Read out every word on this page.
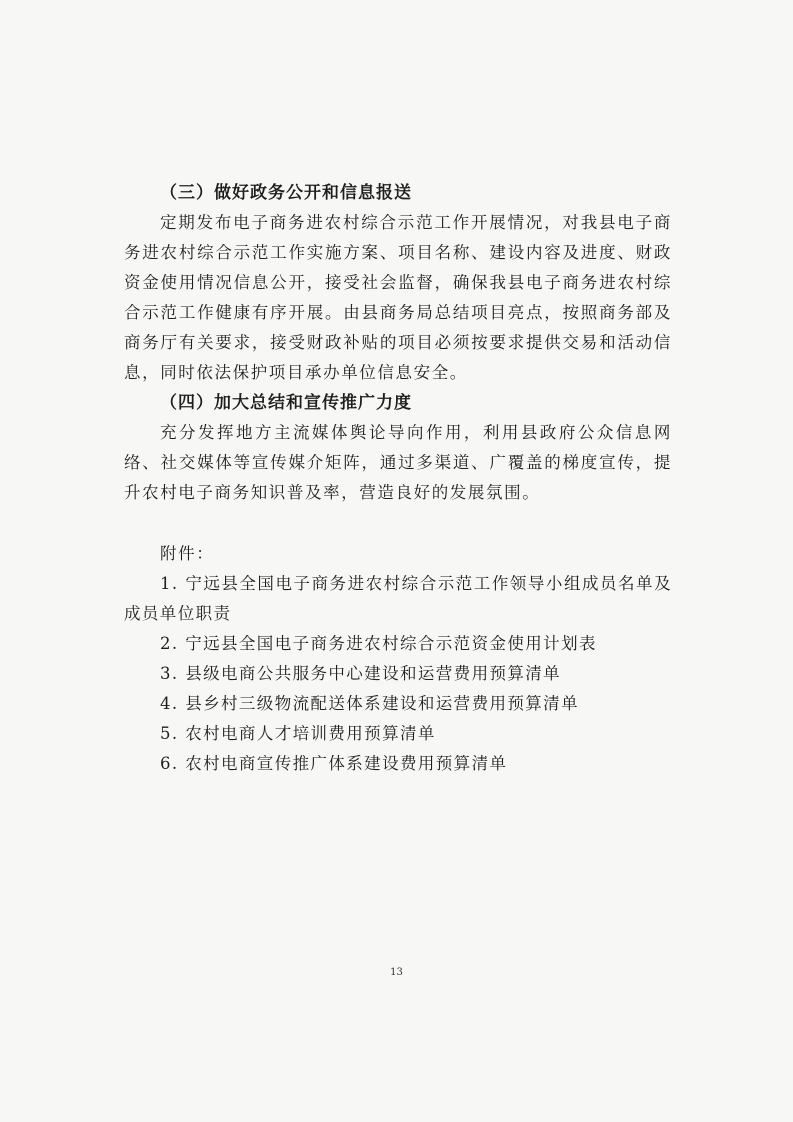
（三）做好政务公开和信息报送

定期发布电子商务进农村综合示范工作开展情况，对我县电子商务进农村综合示范工作实施方案、项目名称、建设内容及进度、财政资金使用情况信息公开，接受社会监督，确保我县电子商务进农村综合示范工作健康有序开展。由县商务局总结项目亮点，按照商务部及商务厅有关要求，接受财政补贴的项目必须按要求提供交易和活动信息，同时依法保护项目承办单位信息安全。

（四）加大总结和宣传推广力度

充分发挥地方主流媒体舆论导向作用，利用县政府公众信息网络、社交媒体等宣传媒介矩阵，通过多渠道、广覆盖的梯度宣传，提升农村电子商务知识普及率，营造良好的发展氛围。

附件：

1. 宁远县全国电子商务进农村综合示范工作领导小组成员名单及成员单位职责

2. 宁远县全国电子商务进农村综合示范资金使用计划表

3. 县级电商公共服务中心建设和运营费用预算清单

4. 县乡村三级物流配送体系建设和运营费用预算清单

5. 农村电商人才培训费用预算清单

6. 农村电商宣传推广体系建设费用预算清单

13
